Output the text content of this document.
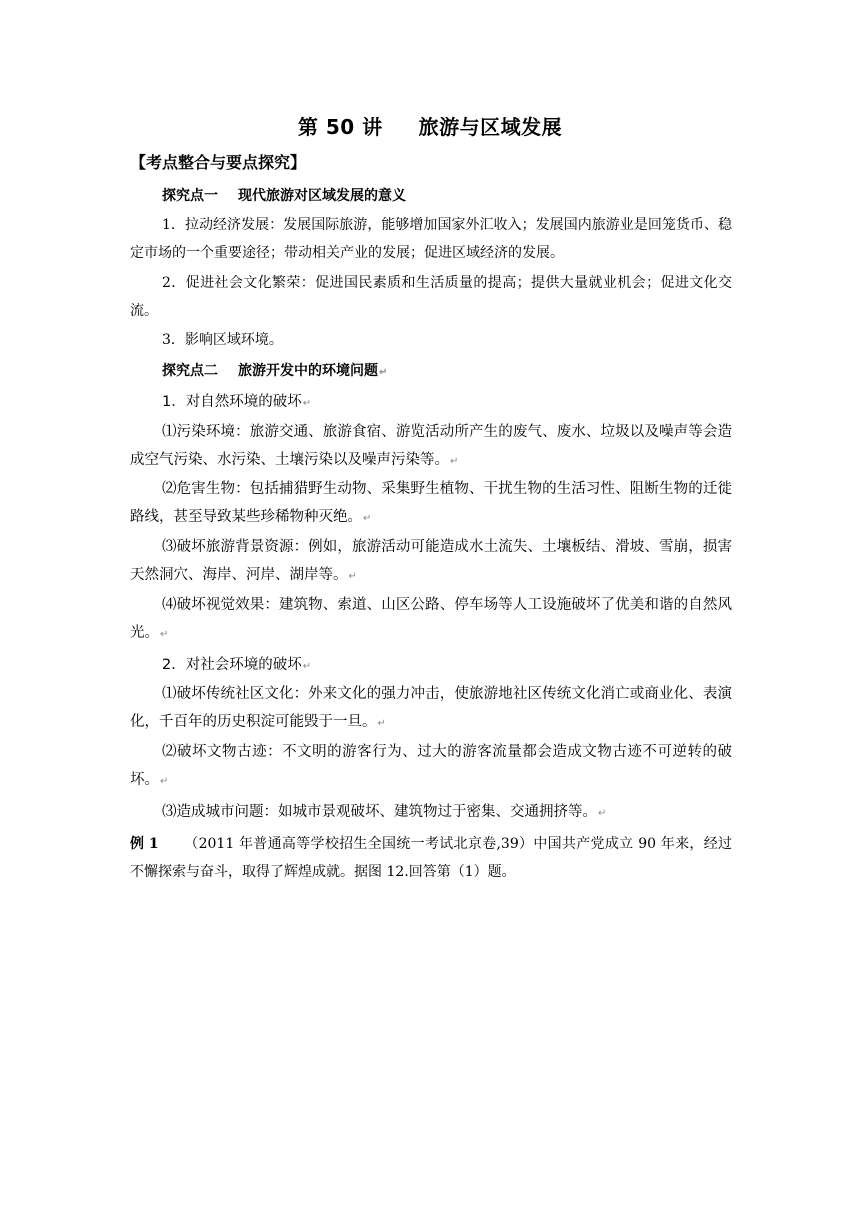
第 50 讲 旅游与区域发展
【考点整合与要点探究】
探究点一 现代旅游对区域发展的意义
1．拉动经济发展：发展国际旅游，能够增加国家外汇收入；发展国内旅游业是回笼货币、稳定市场的一个重要途径；带动相关产业的发展；促进区域经济的发展。
2．促进社会文化繁荣：促进国民素质和生活质量的提高；提供大量就业机会；促进文化交流。
3．影响区域环境。
探究点二 旅游开发中的环境问题↵
1．对自然环境的破坏↵
⑴污染环境：旅游交通、旅游食宿、游览活动所产生的废气、废水、垃圾以及噪声等会造成空气污染、水污染、土壤污染以及噪声污染等。↵
⑵危害生物：包括捕猎野生动物、采集野生植物、干扰生物的生活习性、阻断生物的迁徙路线，甚至导致某些珍稀物种灭绝。↵
⑶破坏旅游背景资源：例如，旅游活动可能造成水土流失、土壤板结、滑坡、雪崩，损害天然洞穴、海岸、河岸、湖岸等。↵
⑷破坏视觉效果：建筑物、索道、山区公路、停车场等人工设施破坏了优美和谐的自然风光。↵
2．对社会环境的破坏↵
⑴破坏传统社区文化：外来文化的强力冲击，使旅游地社区传统文化消亡或商业化、表演化，千百年的历史积淀可能毁于一旦。↵
⑵破坏文物古迹：不文明的游客行为、过大的游客流量都会造成文物古迹不可逆转的破坏。↵
⑶造成城市问题：如城市景观破坏、建筑物过于密集、交通拥挤等。↵
例 1 （2011 年普通高等学校招生全国统一考试北京卷,39）中国共产党成立 90 年来，经过不懈探索与奋斗，取得了辉煌成就。据图 12.回答第（1）题。
